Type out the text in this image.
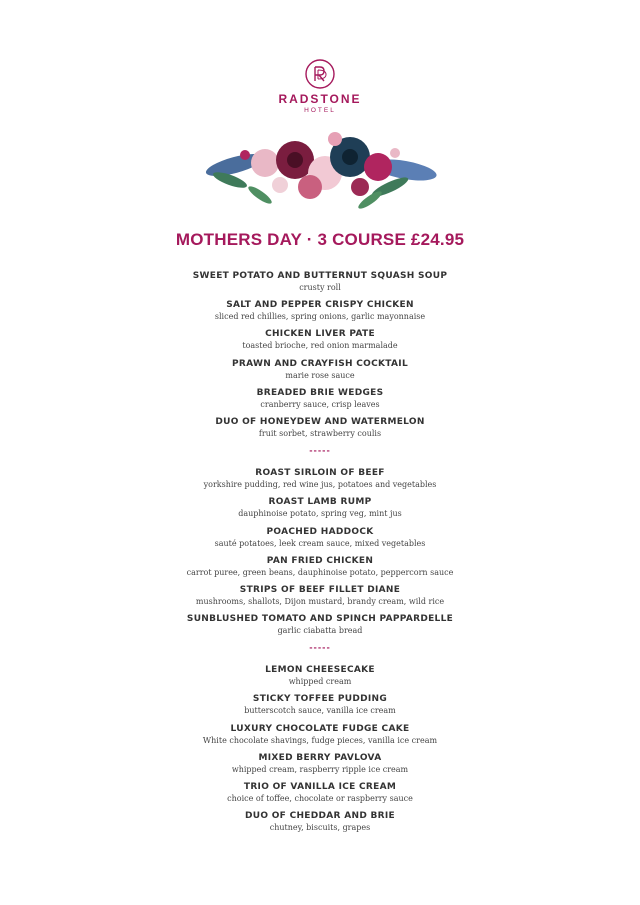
RADSTONE
HOTEL
MOTHERS DAY · 3 COURSE £24.95
SWEET POTATO AND BUTTERNUT SQUASH SOUP
crusty roll
SALT AND PEPPER CRISPY CHICKEN
sliced red chillies, spring onions, garlic mayonnaise
CHICKEN LIVER PATE
toasted brioche, red onion marmalade
PRAWN AND CRAYFISH COCKTAIL
marie rose sauce
BREADED BRIE WEDGES
cranberry sauce, crisp leaves
DUO OF HONEYDEW AND WATERMELON
fruit sorbet, strawberry coulis
-----
ROAST SIRLOIN OF BEEF
yorkshire pudding, red wine jus, potatoes and vegetables
ROAST LAMB RUMP
dauphinoise potato, spring veg, mint jus
POACHED HADDOCK
sauté potatoes, leek cream sauce, mixed vegetables
PAN FRIED CHICKEN
carrot puree, green beans, dauphinoise potato, peppercorn sauce
STRIPS OF BEEF FILLET DIANE
mushrooms, shallots, Dijon mustard, brandy cream, wild rice
SUNBLUSHED TOMATO AND SPINCH PAPPARDELLE
garlic ciabatta bread
-----
LEMON CHEESECAKE
whipped cream
STICKY TOFFEE PUDDING
butterscotch sauce, vanilla ice cream
LUXURY CHOCOLATE FUDGE CAKE
White chocolate shavings, fudge pieces, vanilla ice cream
MIXED BERRY PAVLOVA
whipped cream, raspberry ripple ice cream
TRIO OF VANILLA ICE CREAM
choice of toffee, chocolate or raspberry sauce
DUO OF CHEDDAR AND BRIE
chutney, biscuits, grapes
